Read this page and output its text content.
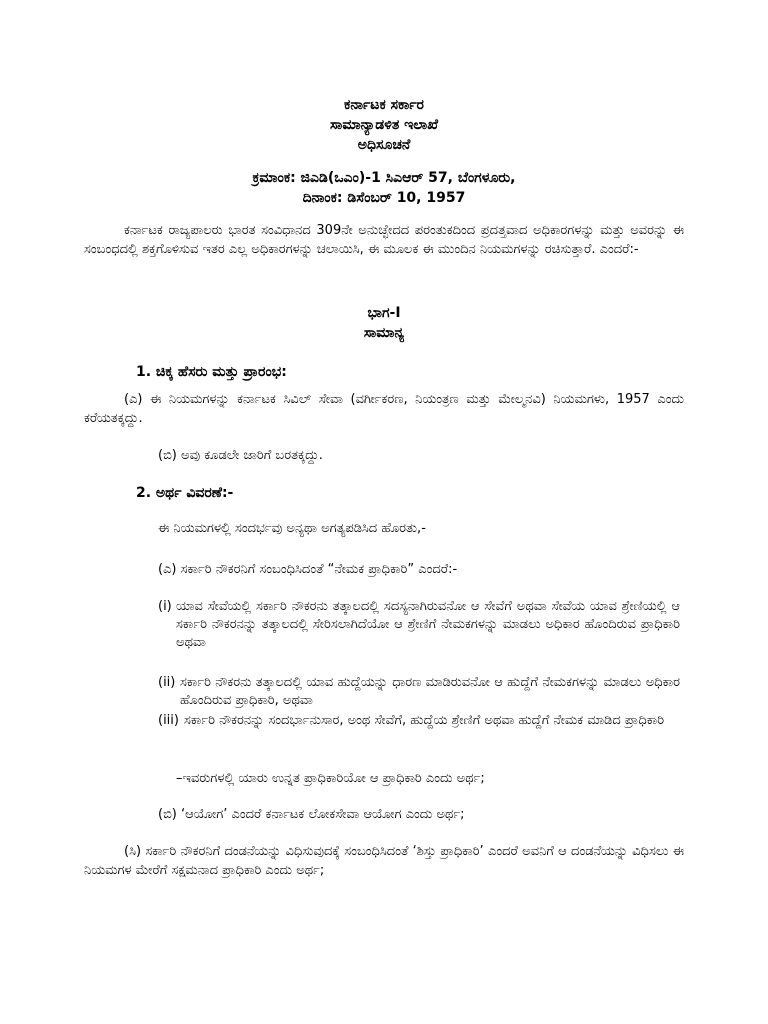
ಕರ್ನಾಟಕ ಸರ್ಕಾರ
ಸಾಮಾನ್ಯಾಡಳಿತ ಇಲಾಖೆ
ಅಧಿಸೂಚನೆ
ಕ್ರಮಾಂಕ: ಜಿಎಡಿ(ಒಎಂ)-1 ಸಿಎಆರ್ 57, ಬೆಂಗಳೂರು,
ದಿನಾಂಕ: ಡಿಸೆಂಬರ್ 10, 1957

ಕರ್ನಾಟಕ ರಾಜ್ಯಪಾಲರು ಭಾರತ ಸಂವಿಧಾನದ 309ನೇ ಅನುಚ್ಛೇದದ ಪರಂತುಕದಿಂದ ಪ್ರದತ್ತವಾದ ಅಧಿಕಾರಗಳನ್ನು ಮತ್ತು ಅವರನ್ನು ಈ ಸಂಬಂಧದಲ್ಲಿ ಶಕ್ತಗೊಳಿಸುವ ಇತರ ಎಲ್ಲ ಅಧಿಕಾರಗಳನ್ನು ಚಲಾಯಿಸಿ, ಈ ಮೂಲಕ ಈ ಮುಂದಿನ ನಿಯಮಗಳನ್ನು ರಚಿಸುತ್ತಾರೆ. ಎಂದರೆ:-

ಭಾಗ-I
ಸಾಮಾನ್ಯ
1. ಚಿಕ್ಕ ಹೆಸರು ಮತ್ತು ಪ್ರಾರಂಭ:

(ಎ) ಈ ನಿಯಮಗಳನ್ನು ಕರ್ನಾಟಕ ಸಿವಿಲ್ ಸೇವಾ (ವರ್ಗೀಕರಣ, ನಿಯಂತ್ರಣ ಮತ್ತು ಮೇಲ್ಮನವಿ) ನಿಯಮಗಳು, 1957 ಎಂದು ಕರೆಯತಕ್ಕದ್ದು.

(ಬಿ) ಅವು ಕೂಡಲೇ ಜಾರಿಗೆ ಬರತಕ್ಕದ್ದು.

2. ಅರ್ಥ ವಿವರಣೆ:-

ಈ ನಿಯಮಗಳಲ್ಲಿ ಸಂದರ್ಭವು ಅನ್ಯಥಾ ಅಗತ್ಯಪಡಿಸಿದ ಹೊರತು,-

(ಎ) ಸರ್ಕಾರಿ ನೌಕರನಿಗೆ ಸಂಬಂಧಿಸಿದಂತೆ “ನೇಮಕ ಪ್ರಾಧಿಕಾರಿ” ಎಂದರೆ:-

(i) ಯಾವ ಸೇವೆಯಲ್ಲಿ ಸರ್ಕಾರಿ ನೌಕರನು ತತ್ಕಾಲದಲ್ಲಿ ಸದಸ್ಯನಾಗಿರುವನೋ ಆ ಸೇವೆಗೆ ಅಥವಾ ಸೇವೆಯ ಯಾವ ಶ್ರೇಣಿಯಲ್ಲಿ ಆ ಸರ್ಕಾರಿ ನೌಕರನನ್ನು ತತ್ಕಾಲದಲ್ಲಿ ಸೇರಿಸಲಾಗಿದೆಯೋ ಆ ಶ್ರೇಣಿಗೆ ನೇಮಕಗಳನ್ನು ಮಾಡಲು ಅಧಿಕಾರ ಹೊಂದಿರುವ ಪ್ರಾಧಿಕಾರಿ ಅಥವಾ
(ii) ಸರ್ಕಾರಿ ನೌಕರನು ತತ್ಕಾಲದಲ್ಲಿ ಯಾವ ಹುದ್ದೆಯನ್ನು ಧಾರಣ ಮಾಡಿರುವನೋ ಆ ಹುದ್ದೆಗೆ ನೇಮಕಗಳನ್ನು ಮಾಡಲು ಅಧಿಕಾರ ಹೊಂದಿರುವ ಪ್ರಾಧಿಕಾರಿ, ಅಥವಾ
(iii) ಸರ್ಕಾರಿ ನೌಕರನನ್ನು ಸಂದರ್ಭಾನುಸಾರ, ಅಂಥ ಸೇವೆಗೆ, ಹುದ್ದೆಯ ಶ್ರೇಣಿಗೆ ಅಥವಾ ಹುದ್ದೆಗೆ ನೇಮಕ ಮಾಡಿದ ಪ್ರಾಧಿಕಾರಿ

–ಇವರುಗಳಲ್ಲಿ ಯಾರು ಉನ್ನತ ಪ್ರಾಧಿಕಾರಿಯೋ ಆ ಪ್ರಾಧಿಕಾರಿ ಎಂದು ಅರ್ಥ;

(ಬಿ) ‘ಆಯೋಗ’ ಎಂದರೆ ಕರ್ನಾಟಕ ಲೋಕಸೇವಾ ಆಯೋಗ ಎಂದು ಅರ್ಥ;

(ಸಿ) ಸರ್ಕಾರಿ ನೌಕರನಿಗೆ ದಂಡನೆಯನ್ನು ವಿಧಿಸುವುದಕ್ಕೆ ಸಂಬಂಧಿಸಿದಂತೆ ‘ಶಿಸ್ತು ಪ್ರಾಧಿಕಾರಿ’ ಎಂದರೆ ಅವನಿಗೆ ಆ ದಂಡನೆಯನ್ನು ವಿಧಿಸಲು ಈ ನಿಯಮಗಳ ಮೇರೆಗೆ ಸಕ್ಷಮನಾದ ಪ್ರಾಧಿಕಾರಿ ಎಂದು ಅರ್ಥ;
